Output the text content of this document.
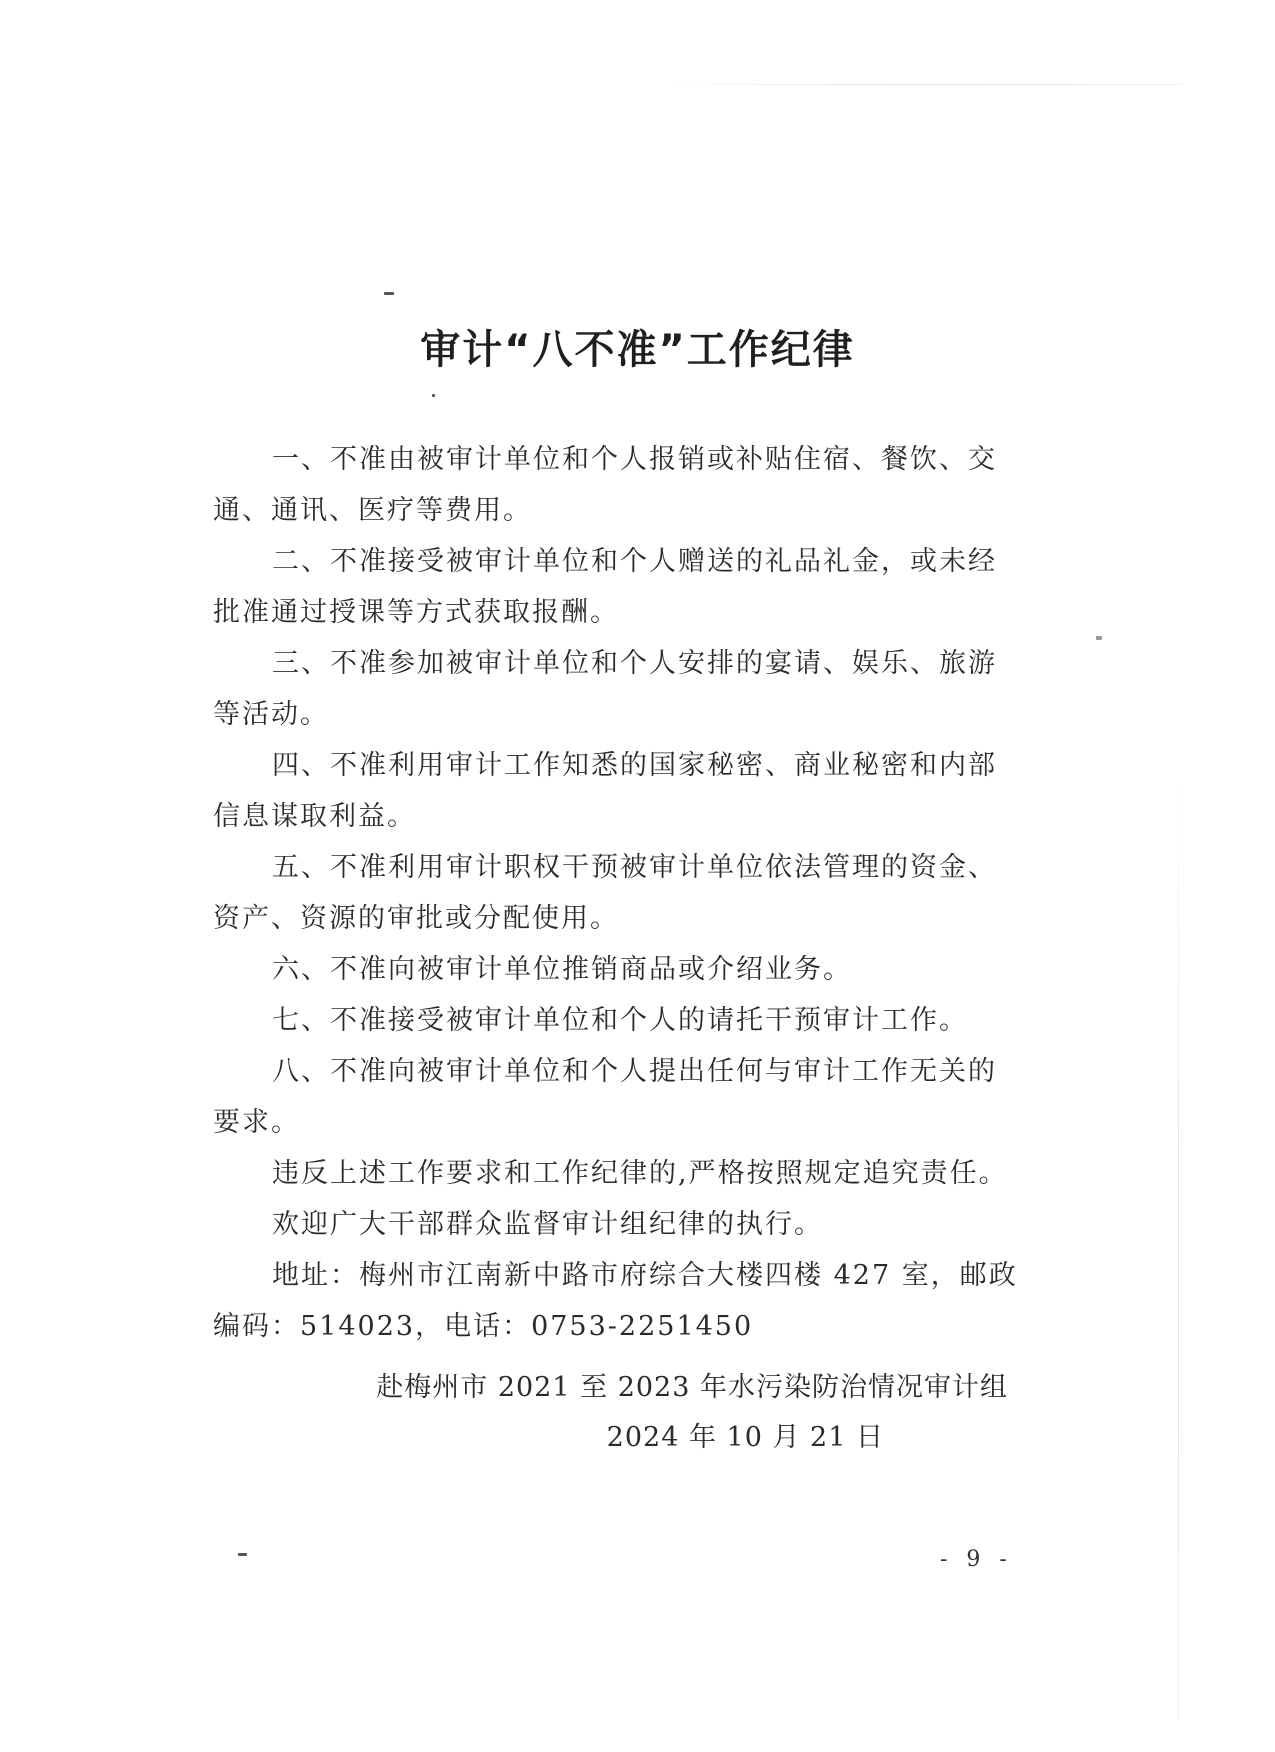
审计“八不准”工作纪律

一、不准由被审计单位和个人报销或补贴住宿、餐饮、交通、通讯、医疗等费用。

二、不准接受被审计单位和个人赠送的礼品礼金，或未经批准通过授课等方式获取报酬。

三、不准参加被审计单位和个人安排的宴请、娱乐、旅游等活动。

四、不准利用审计工作知悉的国家秘密、商业秘密和内部信息谋取利益。

五、不准利用审计职权干预被审计单位依法管理的资金、资产、资源的审批或分配使用。

六、不准向被审计单位推销商品或介绍业务。

七、不准接受被审计单位和个人的请托干预审计工作。

八、不准向被审计单位和个人提出任何与审计工作无关的要求。

违反上述工作要求和工作纪律的,严格按照规定追究责任。

欢迎广大干部群众监督审计组纪律的执行。

地址：梅州市江南新中路市府综合大楼四楼 427 室，邮政编码：514023，电话：0753-2251450

赴梅州市 2021 至 2023 年水污染防治情况审计组
2024 年 10 月 21 日
- 9 -
